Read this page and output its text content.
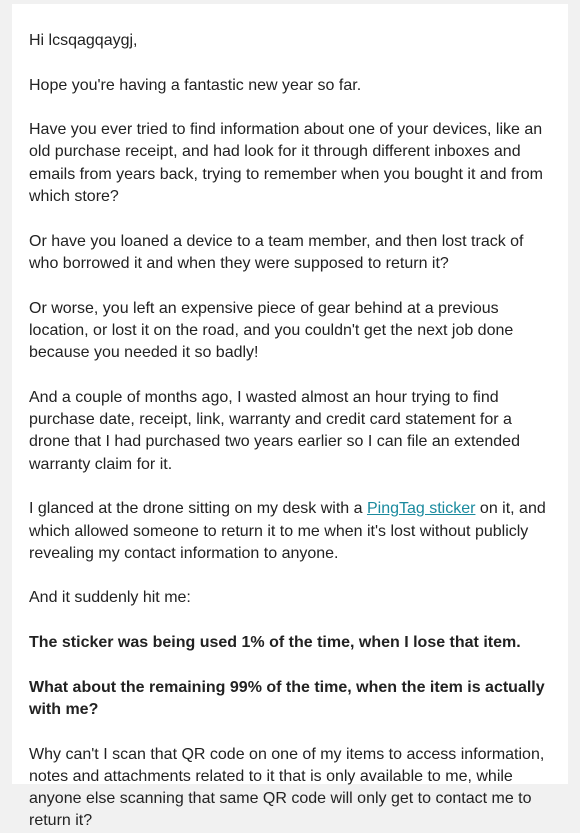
Hi lcsqagqaygj,

Hope you're having a fantastic new year so far.

Have you ever tried to find information about one of your devices, like an old purchase receipt, and had look for it through different inboxes and emails from years back, trying to remember when you bought it and from which store?

Or have you loaned a device to a team member, and then lost track of who borrowed it and when they were supposed to return it?

Or worse, you left an expensive piece of gear behind at a previous location, or lost it on the road, and you couldn't get the next job done because you needed it so badly!

And a couple of months ago, I wasted almost an hour trying to find purchase date, receipt, link, warranty and credit card statement for a drone that I had purchased two years earlier so I can file an extended warranty claim for it.

I glanced at the drone sitting on my desk with a PingTag sticker on it, and which allowed someone to return it to me when it's lost without publicly revealing my contact information to anyone.

And it suddenly hit me:

The sticker was being used 1% of the time, when I lose that item.

What about the remaining 99% of the time, when the item is actually with me?

Why can't I scan that QR code on one of my items to access information, notes and attachments related to it that is only available to me, while anyone else scanning that same QR code will only get to contact me to return it?
